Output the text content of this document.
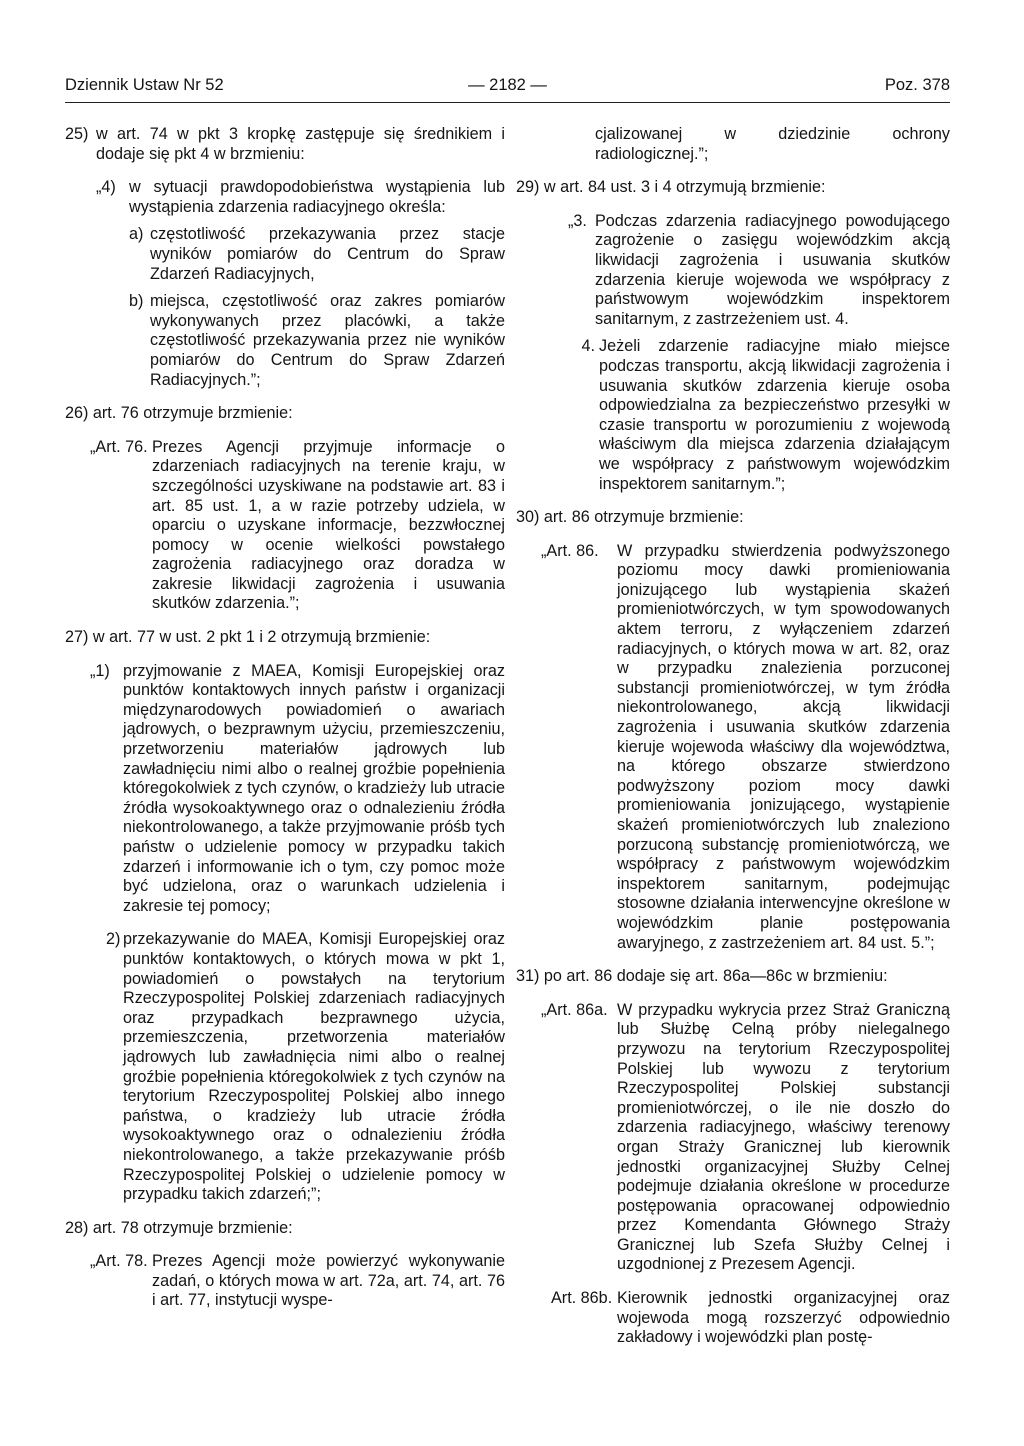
Dziennik Ustaw Nr 52	— 2182 —	Poz. 378
25) w art. 74 w pkt 3 kropkę zastępuje się średnikiem i dodaje się pkt 4 w brzmieniu:
„4) w sytuacji prawdopodobieństwa wystąpienia lub wystąpienia zdarzenia radiacyjnego określa:
a) częstotliwość przekazywania przez stacje wyników pomiarów do Centrum do Spraw Zdarzeń Radiacyjnych,
b) miejsca, częstotliwość oraz zakres pomiarów wykonywanych przez placówki, a także częstotliwość przekazywania przez nie wyników pomiarów do Centrum do Spraw Zdarzeń Radiacyjnych.”;
26) art. 76 otrzymuje brzmienie:
„Art. 76. Prezes Agencji przyjmuje informacje o zdarzeniach radiacyjnych na terenie kraju, w szczególności uzyskiwane na podstawie art. 83 i art. 85 ust. 1, a w razie potrzeby udziela, w oparciu o uzyskane informacje, bezzwłocznej pomocy w ocenie wielkości powstałego zagrożenia radiacyjnego oraz doradza w zakresie likwidacji zagrożenia i usuwania skutków zdarzenia.”;
27) w art. 77 w ust. 2 pkt 1 i 2 otrzymują brzmienie:
„1) przyjmowanie z MAEA, Komisji Europejskiej oraz punktów kontaktowych innych państw i organizacji międzynarodowych powiadomień o awariach jądrowych, o bezprawnym użyciu, przemieszczeniu, przetworzeniu materiałów jądrowych lub zawładnięciu nimi albo o realnej groźbie popełnienia któregokolwiek z tych czynów, o kradzieży lub utracie źródła wysokoaktywnego oraz o odnalezieniu źródła niekontrolowanego, a także przyjmowanie próśb tych państw o udzielenie pomocy w przypadku takich zdarzeń i informowanie ich o tym, czy pomoc może być udzielona, oraz o warunkach udzielenia i zakresie tej pomocy;
2) przekazywanie do MAEA, Komisji Europejskiej oraz punktów kontaktowych, o których mowa w pkt 1, powiadomień o powstałych na terytorium Rzeczypospolitej Polskiej zdarzeniach radiacyjnych oraz przypadkach bezprawnego użycia, przemieszczenia, przetworzenia materiałów jądrowych lub zawładnięcia nimi albo o realnej groźbie popełnienia któregokolwiek z tych czynów na terytorium Rzeczypospolitej Polskiej albo innego państwa, o kradzieży lub utracie źródła wysokoaktywnego oraz o odnalezieniu źródła niekontrolowanego, a także przekazywanie próśb Rzeczypospolitej Polskiej o udzielenie pomocy w przypadku takich zdarzeń;”;
28) art. 78 otrzymuje brzmienie:
„Art. 78. Prezes Agencji może powierzyć wykonywanie zadań, o których mowa w art. 72a, art. 74, art. 76 i art. 77, instytucji wyspe-
cjalizowanej w dziedzinie ochrony radiologicznej.”;
29) w art. 84 ust. 3 i 4 otrzymują brzmienie:
„3. Podczas zdarzenia radiacyjnego powodującego zagrożenie o zasięgu wojewódzkim akcją likwidacji zagrożenia i usuwania skutków zdarzenia kieruje wojewoda we współpracy z państwowym wojewódzkim inspektorem sanitarnym, z zastrzeżeniem ust. 4.
4. Jeżeli zdarzenie radiacyjne miało miejsce podczas transportu, akcją likwidacji zagrożenia i usuwania skutków zdarzenia kieruje osoba odpowiedzialna za bezpieczeństwo przesyłki w czasie transportu w porozumieniu z wojewodą właściwym dla miejsca zdarzenia działającym we współpracy z państwowym wojewódzkim inspektorem sanitarnym.”;
30) art. 86 otrzymuje brzmienie:
„Art. 86.	W przypadku stwierdzenia podwyższonego poziomu mocy dawki promieniowania jonizującego lub wystąpienia skażeń promieniotwórczych, w tym spowodowanych aktem terroru, z wyłączeniem zdarzeń radiacyjnych, o których mowa w art. 82, oraz w przypadku znalezienia porzuconej substancji promieniotwórczej, w tym źródła niekontrolowanego, akcją likwidacji zagrożenia i usuwania skutków zdarzenia kieruje wojewoda właściwy dla województwa, na którego obszarze stwierdzono podwyższony poziom mocy dawki promieniowania jonizującego, wystąpienie skażeń promieniotwórczych lub znaleziono porzuconą substancję promieniotwórczą, we współpracy z państwowym wojewódzkim inspektorem sanitarnym, podejmując stosowne działania interwencyjne określone w wojewódzkim planie postępowania awaryjnego, z zastrzeżeniem art. 84 ust. 5.”;
31) po art. 86 dodaje się art. 86a—86c w brzmieniu:
„Art. 86a. W przypadku wykrycia przez Straż Graniczną lub Służbę Celną próby nielegalnego przywozu na terytorium Rzeczypospolitej Polskiej lub wywozu z terytorium Rzeczypospolitej Polskiej substancji promieniotwórczej, o ile nie doszło do zdarzenia radiacyjnego, właściwy terenowy organ Straży Granicznej lub kierownik jednostki organizacyjnej Służby Celnej podejmuje działania określone w procedurze postępowania opracowanej odpowiednio przez Komendanta Głównego Straży Granicznej lub Szefa Służby Celnej i uzgodnionej z Prezesem Agencji.
Art. 86b. Kierownik jednostki organizacyjnej oraz wojewoda mogą rozszerzyć odpowiednio zakładowy i wojewódzki plan postę-
